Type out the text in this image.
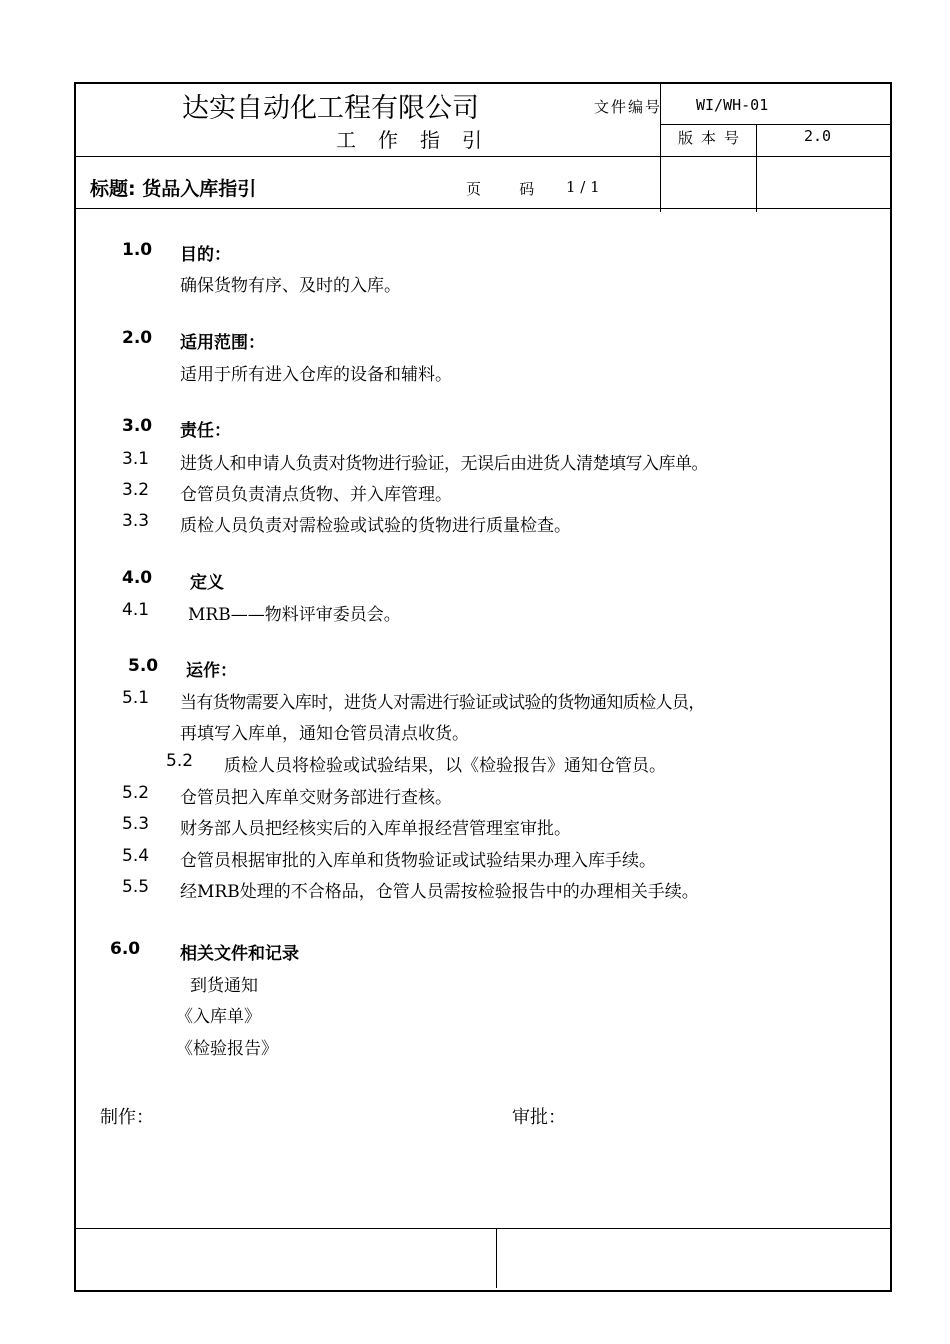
达实自动化工程有限公司
工作指引
文件编号 WI/WH-01
版本号	2.0
标题: 货品入库指引	页   码 1 / 1
1.0 目的：
确保货物有序、及时的入库。
2.0 适用范围：
适用于所有进入仓库的设备和辅料。
3.0 责任：
3.1 进货人和申请人负责对货物进行验证，无误后由进货人清楚填写入库单。
3.2 仓管员负责清点货物、并入库管理。
3.3 质检人员负责对需检验或试验的货物进行质量检查。
4.0 定义
4.1 MRB——物料评审委员会。
5.0 运作：
5.1 当有货物需要入库时，进货人对需进行验证或试验的货物通知质检人员，
再填写入库单，通知仓管员清点收货。
5.2 质检人员将检验或试验结果，以《检验报告》通知仓管员。
5.2 仓管员把入库单交财务部进行查核。
5.3 财务部人员把经核实后的入库单报经营管理室审批。
5.4 仓管员根据审批的入库单和货物验证或试验结果办理入库手续。
5.5 经MRB处理的不合格品，仓管人员需按检验报告中的办理相关手续。
6.0 相关文件和记录
到货通知
《入库单》
《检验报告》
制作：	审批：
